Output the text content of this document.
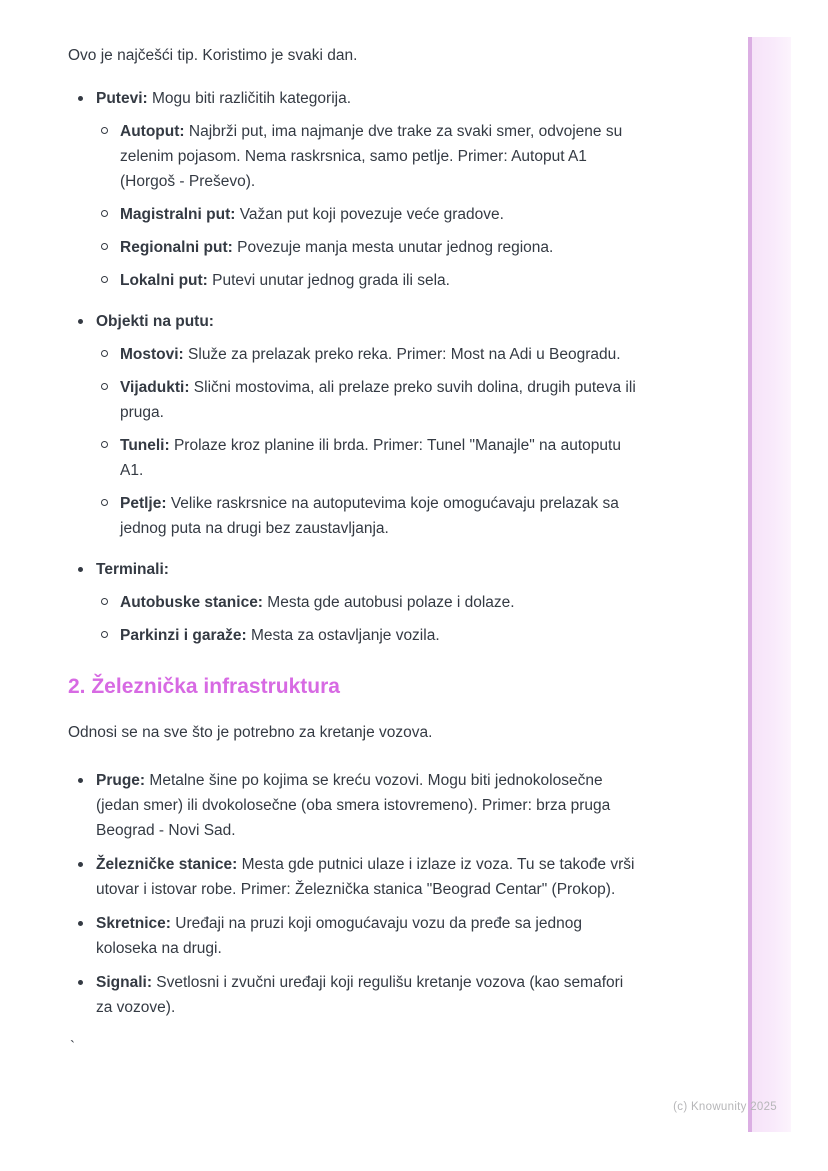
Ovo je najčešći tip. Koristimo je svaki dan.

Putevi: Mogu biti različitih kategorija.
Autoput: Najbrži put, ima najmanje dve trake za svaki smer, odvojene su zelenim pojasom. Nema raskrsnica, samo petlje. Primer: Autoput A1 (Horgoš - Preševo).
Magistralni put: Važan put koji povezuje veće gradove.
Regionalni put: Povezuje manja mesta unutar jednog regiona.
Lokalni put: Putevi unutar jednog grada ili sela.
Objekti na putu:
Mostovi: Služe za prelazak preko reka. Primer: Most na Adi u Beogradu.
Vijadukti: Slični mostovima, ali prelaze preko suvih dolina, drugih puteva ili pruga.
Tuneli: Prolaze kroz planine ili brda. Primer: Tunel "Manajle" na autoputu A1.
Petlje: Velike raskrsnice na autoputevima koje omogućavaju prelazak sa jednog puta na drugi bez zaustavljanja.
Terminali:
Autobuske stanice: Mesta gde autobusi polaze i dolaze.
Parkinzi i garaže: Mesta za ostavljanje vozila.
2. Železnička infrastruktura

Odnosi se na sve što je potrebno za kretanje vozova.

Pruge: Metalne šine po kojima se kreću vozovi. Mogu biti jednokolosečne (jedan smer) ili dvokolosečne (oba smera istovremeno). Primer: brza pruga Beograd - Novi Sad.
Železničke stanice: Mesta gde putnici ulaze i izlaze iz voza. Tu se takođe vrši utovar i istovar robe. Primer: Železnička stanica "Beograd Centar" (Prokop).
Skretnice: Uređaji na pruzi koji omogućavaju vozu da pređe sa jednog koloseka na drugi.
Signali: Svetlosni i zvučni uređaji koji regulišu kretanje vozova (kao semafori za vozove).

`

(c) Knowunity 2025
